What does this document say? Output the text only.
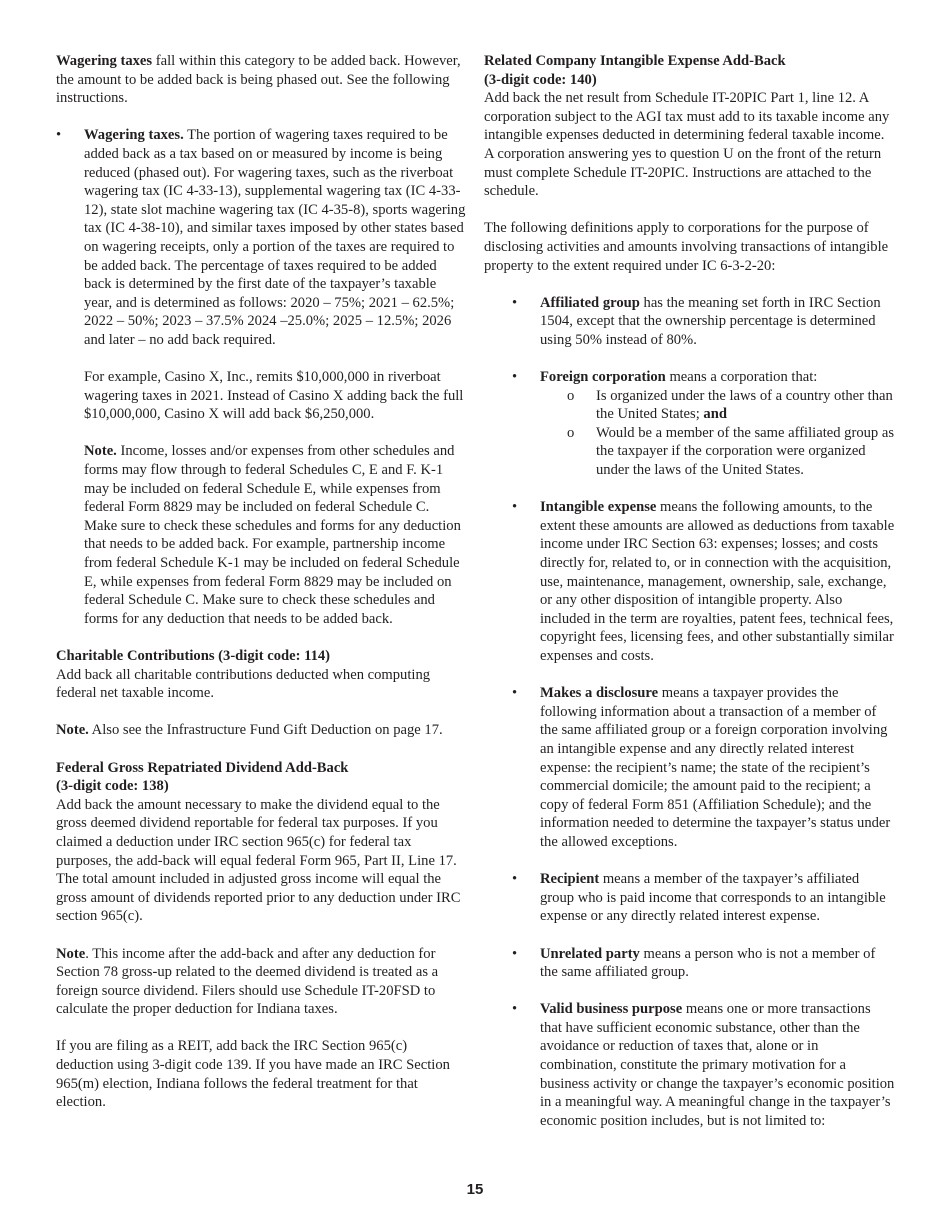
Wagering taxes fall within this category to be added back. However, the amount to be added back is being phased out. See the following instructions.

• Wagering taxes. The portion of wagering taxes required to be added back as a tax based on or measured by income is being reduced (phased out). For wagering taxes, such as the riverboat wagering tax (IC 4-33-13), supplemental wagering tax (IC 4-33-12), state slot machine wagering tax (IC 4-35-8), sports wagering tax (IC 4-38-10), and similar taxes imposed by other states based on wagering receipts, only a portion of the taxes are required to be added back. The percentage of taxes required to be added back is determined by the first date of the taxpayer’s taxable year, and is determined as follows: 2020 – 75%; 2021 – 62.5%; 2022 – 50%; 2023 – 37.5% 2024 –25.0%; 2025 – 12.5%; 2026 and later – no add back required.

For example, Casino X, Inc., remits $10,000,000 in riverboat wagering taxes in 2021. Instead of Casino X adding back the full $10,000,000, Casino X will add back $6,250,000.

Note. Income, losses and/or expenses from other schedules and forms may flow through to federal Schedules C, E and F. K-1 may be included on federal Schedule E, while expenses from federal Form 8829 may be included on federal Schedule C. Make sure to check these schedules and forms for any deduction that needs to be added back. For example, partnership income from federal Schedule K-1 may be included on federal Schedule E, while expenses from federal Form 8829 may be included on federal Schedule C. Make sure to check these schedules and forms for any deduction that needs to be added back.

Charitable Contributions (3-digit code: 114)

Add back all charitable contributions deducted when computing federal net taxable income.

Note. Also see the Infrastructure Fund Gift Deduction on page 17.

Federal Gross Repatriated Dividend Add-Back
(3-digit code: 138)

Add back the amount necessary to make the dividend equal to the gross deemed dividend reportable for federal tax purposes. If you claimed a deduction under IRC section 965(c) for federal tax purposes, the add-back will equal federal Form 965, Part II, Line 17. The total amount included in adjusted gross income will equal the gross amount of dividends reported prior to any deduction under IRC section 965(c).

Note. This income after the add-back and after any deduction for Section 78 gross-up related to the deemed dividend is treated as a foreign source dividend. Filers should use Schedule IT-20FSD to calculate the proper deduction for Indiana taxes.

If you are filing as a REIT, add back the IRC Section 965(c) deduction using 3-digit code 139. If you have made an IRC Section 965(m) election, Indiana follows the federal treatment for that election.

Related Company Intangible Expense Add-Back
(3-digit code: 140)

Add back the net result from Schedule IT-20PIC Part 1, line 12. A corporation subject to the AGI tax must add to its taxable income any intangible expenses deducted in determining federal taxable income. A corporation answering yes to question U on the front of the return must complete Schedule IT-20PIC. Instructions are attached to the schedule.

The following definitions apply to corporations for the purpose of disclosing activities and amounts involving transactions of intangible property to the extent required under IC 6-3-2-20:

• Affiliated group has the meaning set forth in IRC Section 1504, except that the ownership percentage is determined using 50% instead of 80%.

• Foreign corporation means a corporation that:

o Is organized under the laws of a country other than the United States; and

o Would be a member of the same affiliated group as the taxpayer if the corporation were organized under the laws of the United States.

• Intangible expense means the following amounts, to the extent these amounts are allowed as deductions from taxable income under IRC Section 63: expenses; losses; and costs directly for, related to, or in connection with the acquisition, use, maintenance, management, ownership, sale, exchange, or any other disposition of intangible property. Also included in the term are royalties, patent fees, technical fees, copyright fees, licensing fees, and other substantially similar expenses and costs.

• Makes a disclosure means a taxpayer provides the following information about a transaction of a member of the same affiliated group or a foreign corporation involving an intangible expense and any directly related interest expense: the recipient’s name; the state of the recipient’s commercial domicile; the amount paid to the recipient; a copy of federal Form 851 (Affiliation Schedule); and the information needed to determine the taxpayer’s status under the allowed exceptions.

• Recipient means a member of the taxpayer’s affiliated group who is paid income that corresponds to an intangible expense or any directly related interest expense.

• Unrelated party means a person who is not a member of the same affiliated group.

• Valid business purpose means one or more transactions that have sufficient economic substance, other than the avoidance or reduction of taxes that, alone or in combination, constitute the primary motivation for a business activity or change the taxpayer’s economic position in a meaningful way. A meaningful change in the taxpayer’s economic position includes, but is not limited to:

15
